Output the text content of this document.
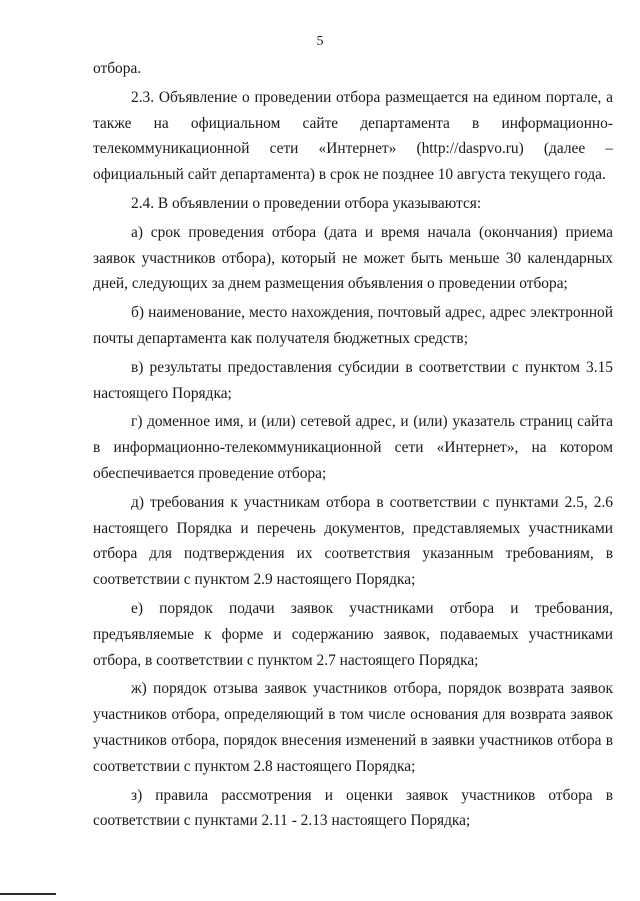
5

отбора.

2.3. Объявление о проведении отбора размещается на едином портале, а также на официальном сайте департамента в информационно-телекоммуникационной сети «Интернет» (http://daspvo.ru) (далее – официальный сайт департамента) в срок не позднее 10 августа текущего года.

2.4. В объявлении о проведении отбора указываются:

а) срок проведения отбора (дата и время начала (окончания) приема заявок участников отбора), который не может быть меньше 30 календарных дней, следующих за днем размещения объявления о проведении отбора;

б) наименование, место нахождения, почтовый адрес, адрес электронной почты департамента как получателя бюджетных средств;

в) результаты предоставления субсидии в соответствии с пунктом 3.15 настоящего Порядка;

г) доменное имя, и (или) сетевой адрес, и (или) указатель страниц сайта в информационно-телекоммуникационной сети «Интернет», на котором обеспечивается проведение отбора;

д) требования к участникам отбора в соответствии с пунктами 2.5, 2.6 настоящего Порядка и перечень документов, представляемых участниками отбора для подтверждения их соответствия указанным требованиям, в соответствии с пунктом 2.9 настоящего Порядка;

е) порядок подачи заявок участниками отбора и требования, предъявляемые к форме и содержанию заявок, подаваемых участниками отбора, в соответствии с пунктом 2.7 настоящего Порядка;

ж) порядок отзыва заявок участников отбора, порядок возврата заявок участников отбора, определяющий в том числе основания для возврата заявок участников отбора, порядок внесения изменений в заявки участников отбора в соответствии с пунктом 2.8 настоящего Порядка;

з) правила рассмотрения и оценки заявок участников отбора в соответствии с пунктами 2.11 - 2.13 настоящего Порядка;
